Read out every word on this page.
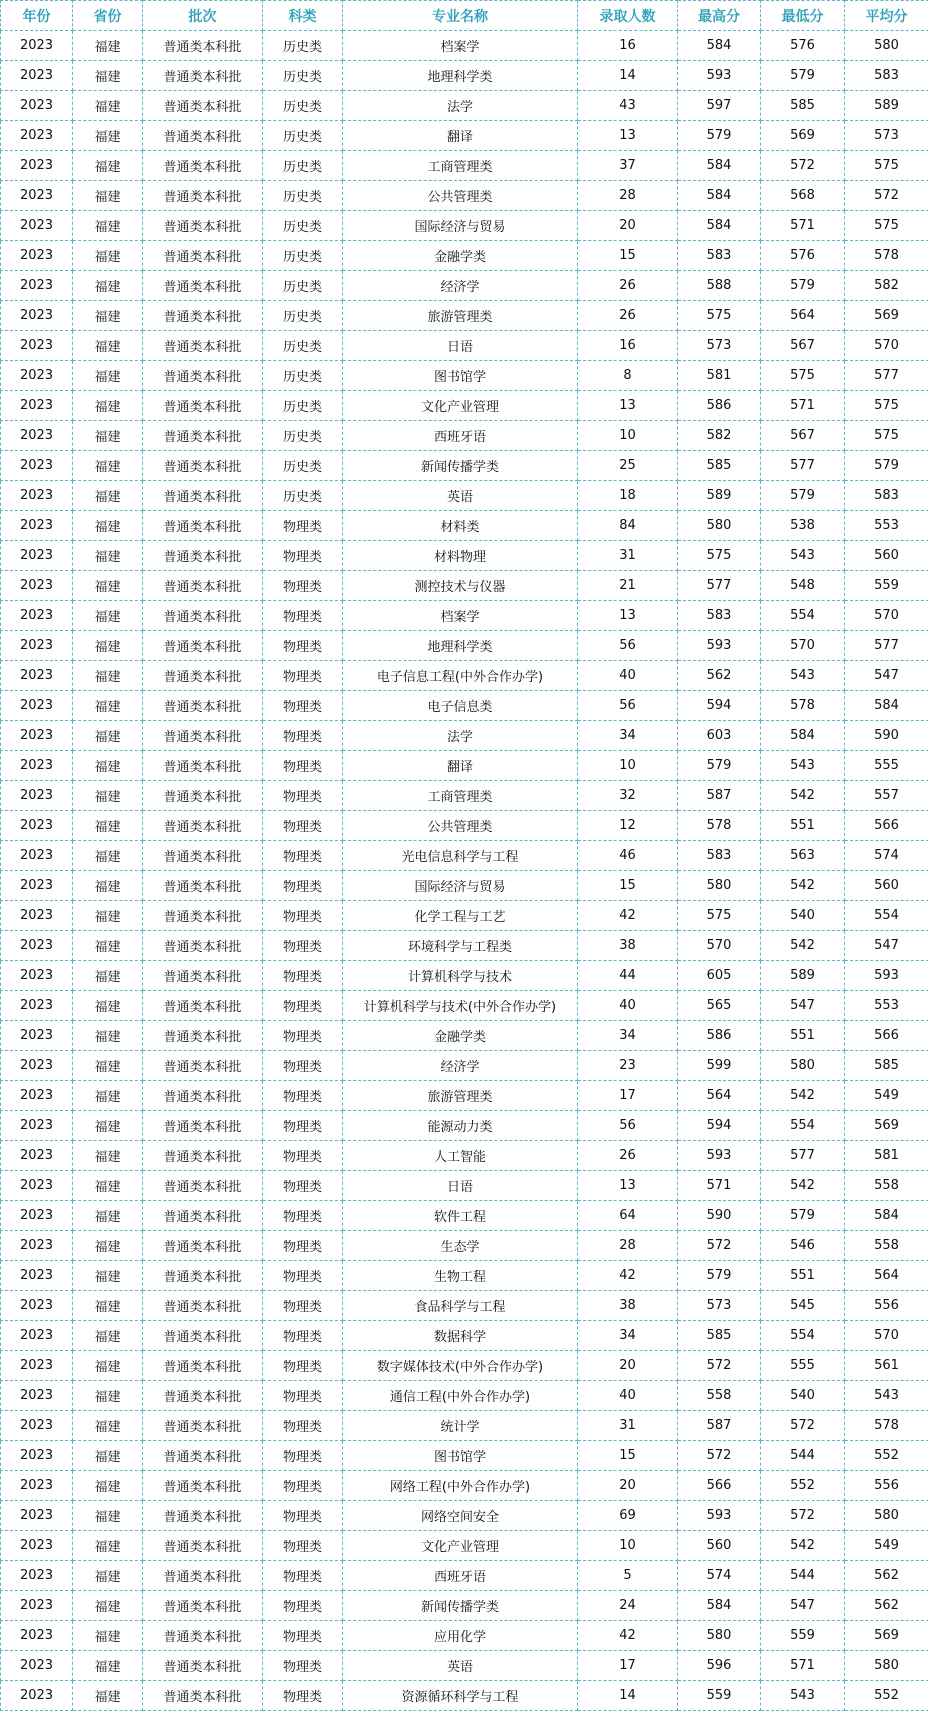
年份	省份	批次	科类	专业名称	录取人数	最高分	最低分	平均分
2023	福建	普通类本科批	历史类	档案学	16	584	576	580
2023	福建	普通类本科批	历史类	地理科学类	14	593	579	583
2023	福建	普通类本科批	历史类	法学	43	597	585	589
2023	福建	普通类本科批	历史类	翻译	13	579	569	573
2023	福建	普通类本科批	历史类	工商管理类	37	584	572	575
2023	福建	普通类本科批	历史类	公共管理类	28	584	568	572
2023	福建	普通类本科批	历史类	国际经济与贸易	20	584	571	575
2023	福建	普通类本科批	历史类	金融学类	15	583	576	578
2023	福建	普通类本科批	历史类	经济学	26	588	579	582
2023	福建	普通类本科批	历史类	旅游管理类	26	575	564	569
2023	福建	普通类本科批	历史类	日语	16	573	567	570
2023	福建	普通类本科批	历史类	图书馆学	8	581	575	577
2023	福建	普通类本科批	历史类	文化产业管理	13	586	571	575
2023	福建	普通类本科批	历史类	西班牙语	10	582	567	575
2023	福建	普通类本科批	历史类	新闻传播学类	25	585	577	579
2023	福建	普通类本科批	历史类	英语	18	589	579	583
2023	福建	普通类本科批	物理类	材料类	84	580	538	553
2023	福建	普通类本科批	物理类	材料物理	31	575	543	560
2023	福建	普通类本科批	物理类	测控技术与仪器	21	577	548	559
2023	福建	普通类本科批	物理类	档案学	13	583	554	570
2023	福建	普通类本科批	物理类	地理科学类	56	593	570	577
2023	福建	普通类本科批	物理类	电子信息工程(中外合作办学)	40	562	543	547
2023	福建	普通类本科批	物理类	电子信息类	56	594	578	584
2023	福建	普通类本科批	物理类	法学	34	603	584	590
2023	福建	普通类本科批	物理类	翻译	10	579	543	555
2023	福建	普通类本科批	物理类	工商管理类	32	587	542	557
2023	福建	普通类本科批	物理类	公共管理类	12	578	551	566
2023	福建	普通类本科批	物理类	光电信息科学与工程	46	583	563	574
2023	福建	普通类本科批	物理类	国际经济与贸易	15	580	542	560
2023	福建	普通类本科批	物理类	化学工程与工艺	42	575	540	554
2023	福建	普通类本科批	物理类	环境科学与工程类	38	570	542	547
2023	福建	普通类本科批	物理类	计算机科学与技术	44	605	589	593
2023	福建	普通类本科批	物理类	计算机科学与技术(中外合作办学)	40	565	547	553
2023	福建	普通类本科批	物理类	金融学类	34	586	551	566
2023	福建	普通类本科批	物理类	经济学	23	599	580	585
2023	福建	普通类本科批	物理类	旅游管理类	17	564	542	549
2023	福建	普通类本科批	物理类	能源动力类	56	594	554	569
2023	福建	普通类本科批	物理类	人工智能	26	593	577	581
2023	福建	普通类本科批	物理类	日语	13	571	542	558
2023	福建	普通类本科批	物理类	软件工程	64	590	579	584
2023	福建	普通类本科批	物理类	生态学	28	572	546	558
2023	福建	普通类本科批	物理类	生物工程	42	579	551	564
2023	福建	普通类本科批	物理类	食品科学与工程	38	573	545	556
2023	福建	普通类本科批	物理类	数据科学	34	585	554	570
2023	福建	普通类本科批	物理类	数字媒体技术(中外合作办学)	20	572	555	561
2023	福建	普通类本科批	物理类	通信工程(中外合作办学)	40	558	540	543
2023	福建	普通类本科批	物理类	统计学	31	587	572	578
2023	福建	普通类本科批	物理类	图书馆学	15	572	544	552
2023	福建	普通类本科批	物理类	网络工程(中外合作办学)	20	566	552	556
2023	福建	普通类本科批	物理类	网络空间安全	69	593	572	580
2023	福建	普通类本科批	物理类	文化产业管理	10	560	542	549
2023	福建	普通类本科批	物理类	西班牙语	5	574	544	562
2023	福建	普通类本科批	物理类	新闻传播学类	24	584	547	562
2023	福建	普通类本科批	物理类	应用化学	42	580	559	569
2023	福建	普通类本科批	物理类	英语	17	596	571	580
2023	福建	普通类本科批	物理类	资源循环科学与工程	14	559	543	552
